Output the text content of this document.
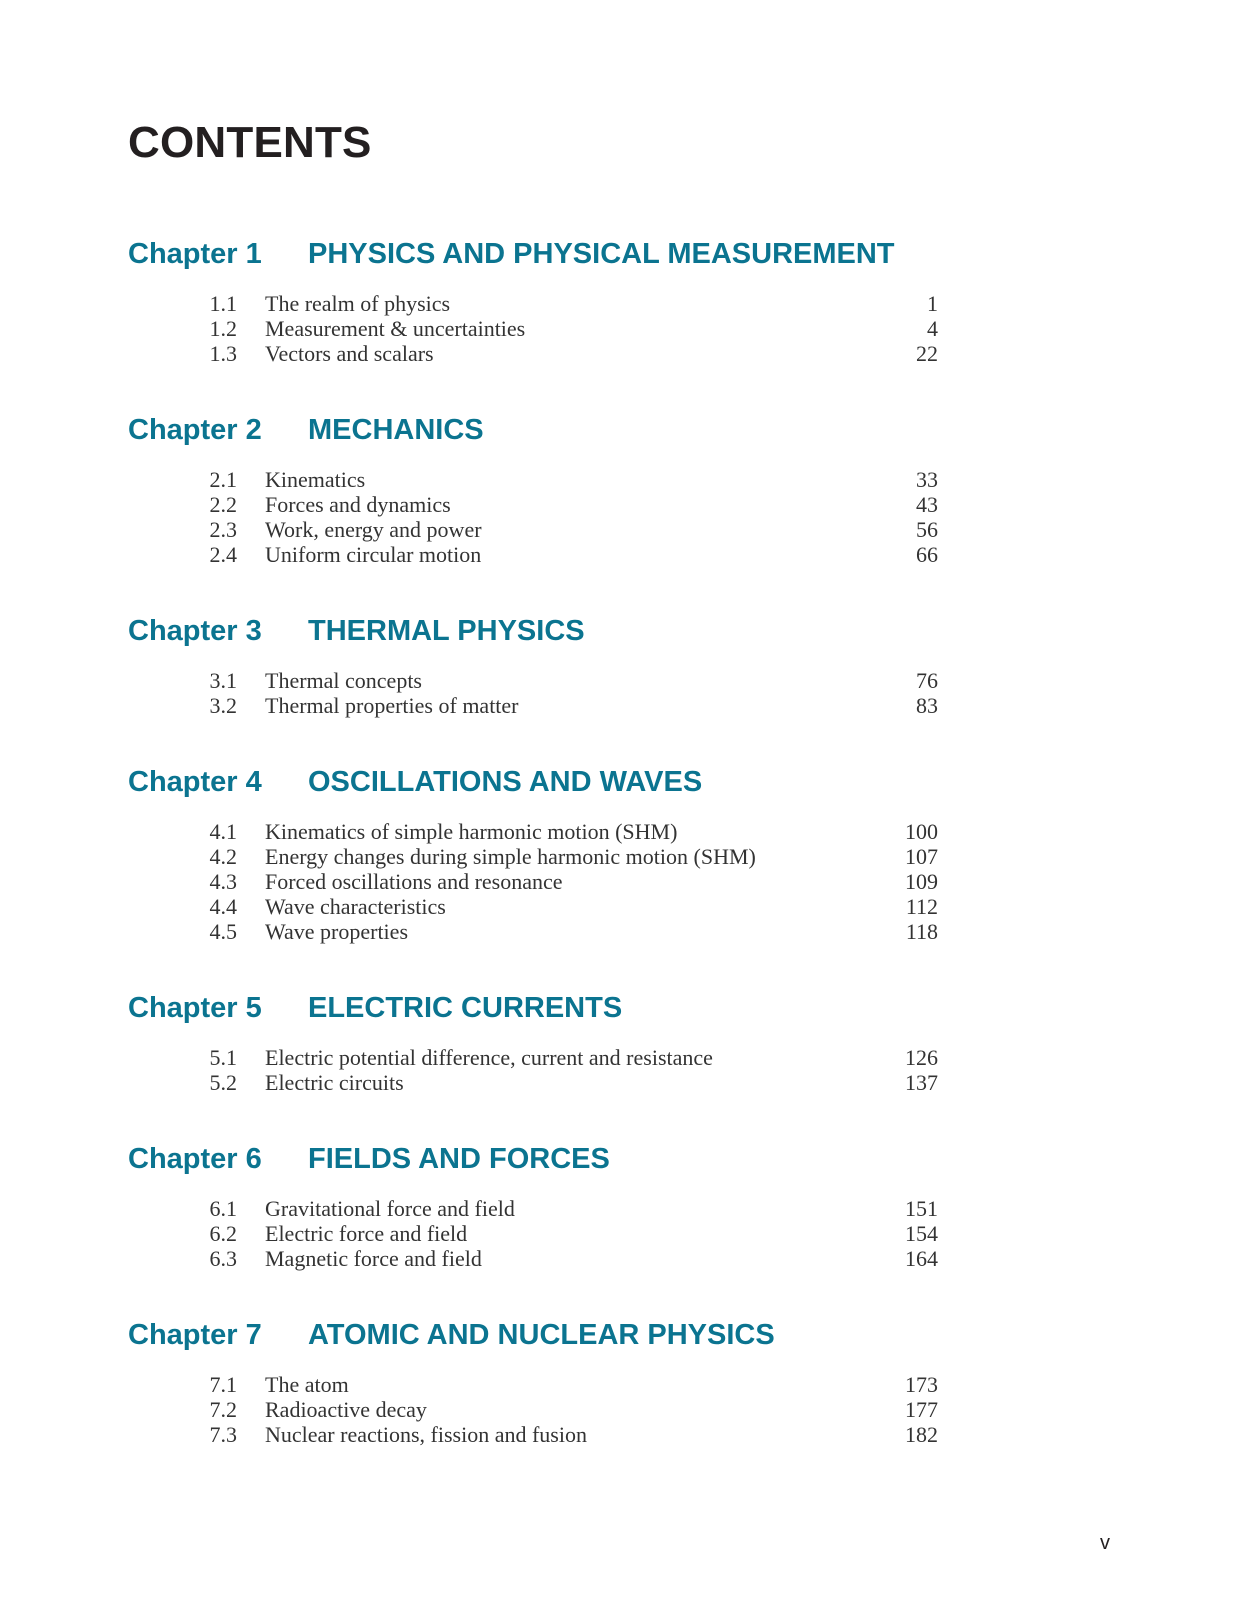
CONTENTS
Chapter 1 PHYSICS AND PHYSICAL MEASUREMENT
1.1 The realm of physics	1
1.2 Measurement & uncertainties	4
1.3 Vectors and scalars	22
Chapter 2 MECHANICS
2.1 Kinematics	33
2.2 Forces and dynamics	43
2.3 Work, energy and power	56
2.4 Uniform circular motion	66
Chapter 3 THERMAL PHYSICS
3.1 Thermal concepts	76
3.2 Thermal properties of matter	83
Chapter 4 OSCILLATIONS AND WAVES
4.1 Kinematics of simple harmonic motion (SHM)	100
4.2 Energy changes during simple harmonic motion (SHM)	107
4.3 Forced oscillations and resonance	109
4.4 Wave characteristics	112
4.5 Wave properties	118
Chapter 5 ELECTRIC CURRENTS
5.1 Electric potential difference, current and resistance	126
5.2 Electric circuits	137
Chapter 6 FIELDS AND FORCES
6.1 Gravitational force and field	151
6.2 Electric force and field	154
6.3 Magnetic force and field	164
Chapter 7 ATOMIC AND NUCLEAR PHYSICS
7.1 The atom	173
7.2 Radioactive decay	177
7.3 Nuclear reactions, fission and fusion	182
v
